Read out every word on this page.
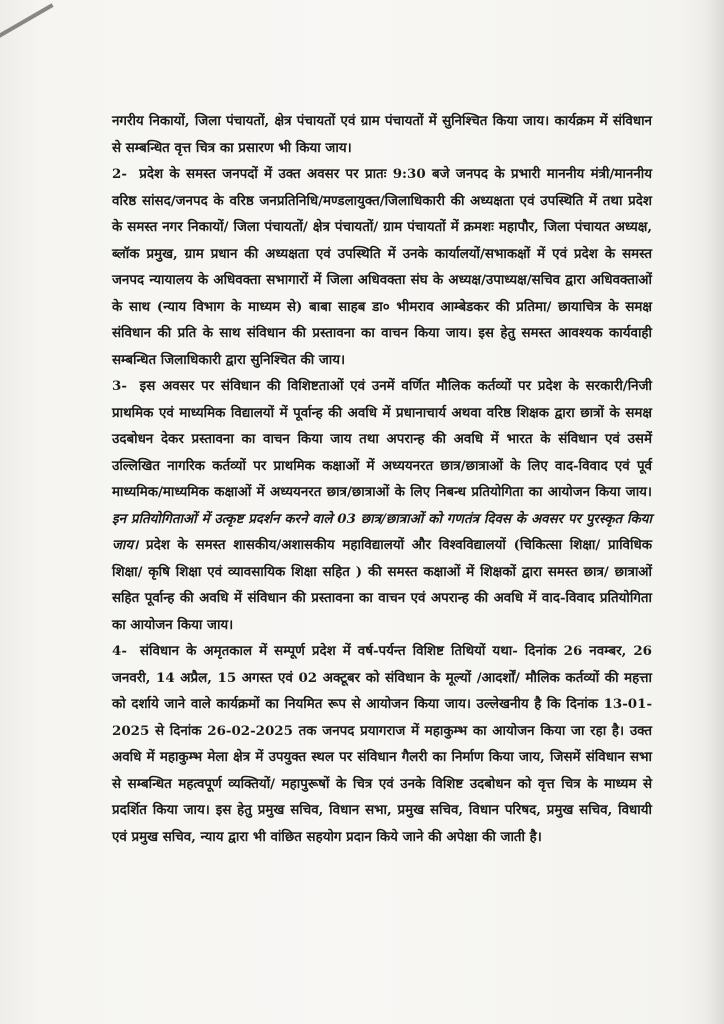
नगरीय निकायों, जिला पंचायतों, क्षेत्र पंचायतों एवं ग्राम पंचायतों में सुनिश्चित किया जाय। कार्यक्रम में संविधान से सम्बन्धित वृत्त चित्र का प्रसारण भी किया जाय।

2- प्रदेश के समस्त जनपदों में उक्त अवसर पर प्रातः 9:30 बजे जनपद के प्रभारी माननीय मंत्री/माननीय वरिष्ठ सांसद/जनपद के वरिष्ठ जनप्रतिनिधि/मण्डलायुक्त/जिलाधिकारी की अध्यक्षता एवं उपस्थिति में तथा प्रदेश के समस्त नगर निकायों/ जिला पंचायतों/ क्षेत्र पंचायतों/ ग्राम पंचायतों में क्रमशः महापौर, जिला पंचायत अध्यक्ष, ब्लॉक प्रमुख, ग्राम प्रधान की अध्यक्षता एवं उपस्थिति में उनके कार्यालयों/सभाकक्षों में एवं प्रदेश के समस्त जनपद न्यायालय के अधिवक्ता सभागारों में जिला अधिवक्ता संघ के अध्यक्ष/उपाध्यक्ष/सचिव द्वारा अधिवक्ताओं के साथ (न्याय विभाग के माध्यम से) बाबा साहब डा० भीमराव आम्बेडकर की प्रतिमा/ छायाचित्र के समक्ष संविधान की प्रति के साथ संविधान की प्रस्तावना का वाचन किया जाय। इस हेतु समस्त आवश्यक कार्यवाही सम्बन्धित जिलाधिकारी द्वारा सुनिश्चित की जाय।

3- इस अवसर पर संविधान की विशिष्टताओं एवं उनमें वर्णित मौलिक कर्तव्यों पर प्रदेश के सरकारी/निजी प्राथमिक एवं माध्यमिक विद्यालयों में पूर्वान्ह की अवधि में प्रधानाचार्य अथवा वरिष्ठ शिक्षक द्वारा छात्रों के समक्ष उदबोधन देकर प्रस्तावना का वाचन किया जाय तथा अपरान्ह की अवधि में भारत के संविधान एवं उसमें उल्लिखित नागरिक कर्तव्यों पर प्राथमिक कक्षाओं में अध्ययनरत छात्र/छात्राओं के लिए वाद-विवाद एवं पूर्व माध्यमिक/माध्यमिक कक्षाओं में अध्ययनरत छात्र/छात्राओं के लिए निबन्ध प्रतियोगिता का आयोजन किया जाय। इन प्रतियोगिताओं में उत्कृष्ट प्रदर्शन करने वाले 03 छात्र/छात्राओं को गणतंत्र दिवस के अवसर पर पुरस्कृत किया जाय। प्रदेश के समस्त शासकीय/अशासकीय महाविद्यालयों और विश्वविद्यालयों (चिकित्सा शिक्षा/ प्राविधिक शिक्षा/ कृषि शिक्षा एवं व्यावसायिक शिक्षा सहित ) की समस्त कक्षाओं में शिक्षकों द्वारा समस्त छात्र/ छात्राओं सहित पूर्वान्ह की अवधि में संविधान की प्रस्तावना का वाचन एवं अपरान्ह की अवधि में वाद-विवाद प्रतियोगिता का आयोजन किया जाय।

4- संविधान के अमृतकाल में सम्पूर्ण प्रदेश में वर्ष-पर्यन्त विशिष्ट तिथियों यथा- दिनांक 26 नवम्बर, 26 जनवरी, 14 अप्रैल, 15 अगस्त एवं 02 अक्टूबर को संविधान के मूल्यों /आदर्शों/ मौलिक कर्तव्यों की महत्ता को दर्शाये जाने वाले कार्यक्रमों का नियमित रूप से आयोजन किया जाय। उल्लेखनीय है कि दिनांक 13-01-2025 से दिनांक 26-02-2025 तक जनपद प्रयागराज में महाकुम्भ का आयोजन किया जा रहा है। उक्त अवधि में महाकुम्भ मेला क्षेत्र में उपयुक्त स्थल पर संविधान गैलरी का निर्माण किया जाय, जिसमें संविधान सभा से सम्बन्धित महत्वपूर्ण व्यक्तियों/ महापुरूषों के चित्र एवं उनके विशिष्ट उदबोधन को वृत्त चित्र के माध्यम से प्रदर्शित किया जाय। इस हेतु प्रमुख सचिव, विधान सभा, प्रमुख सचिव, विधान परिषद, प्रमुख सचिव, विधायी एवं प्रमुख सचिव, न्याय द्वारा भी वांछित सहयोग प्रदान किये जाने की अपेक्षा की जाती है।
